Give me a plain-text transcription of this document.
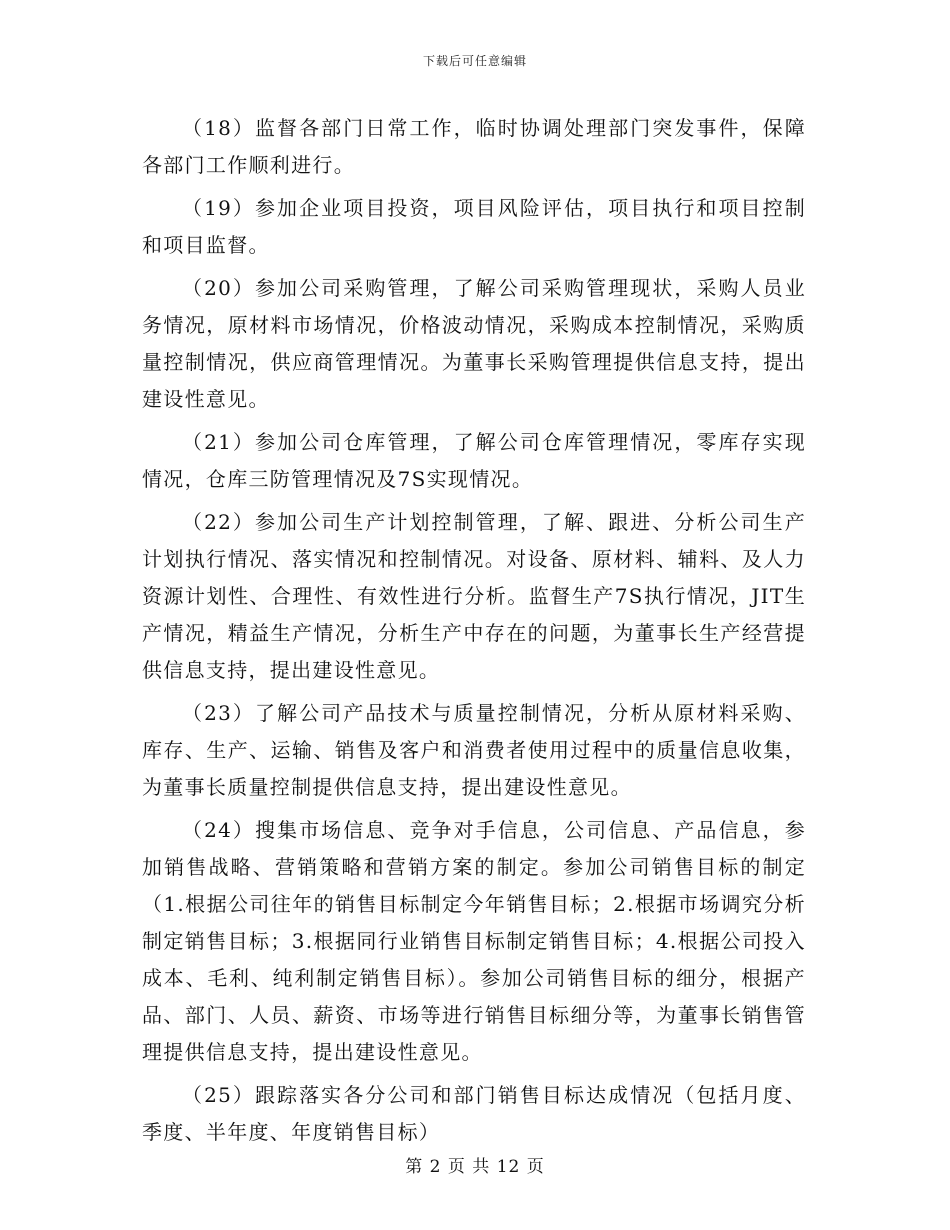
下载后可任意编辑

（18）监督各部门日常工作，临时协调处理部门突发事件，保障各部门工作顺利进行。

（19）参加企业项目投资，项目风险评估，项目执行和项目控制和项目监督。

（20）参加公司采购管理，了解公司采购管理现状，采购人员业务情况，原材料市场情况，价格波动情况，采购成本控制情况，采购质量控制情况，供应商管理情况。为董事长采购管理提供信息支持，提出建设性意见。

（21）参加公司仓库管理，了解公司仓库管理情况，零库存实现情况，仓库三防管理情况及7S实现情况。

（22）参加公司生产计划控制管理，了解、跟进、分析公司生产计划执行情况、落实情况和控制情况。对设备、原材料、辅料、及人力资源计划性、合理性、有效性进行分析。监督生产7S执行情况，JIT生产情况，精益生产情况，分析生产中存在的问题，为董事长生产经营提供信息支持，提出建设性意见。

（23）了解公司产品技术与质量控制情况，分析从原材料采购、库存、生产、运输、销售及客户和消费者使用过程中的质量信息收集，为董事长质量控制提供信息支持，提出建设性意见。

（24）搜集市场信息、竞争对手信息，公司信息、产品信息，参加销售战略、营销策略和营销方案的制定。参加公司销售目标的制定（1.根据公司往年的销售目标制定今年销售目标；2.根据市场调究分析制定销售目标；3.根据同行业销售目标制定销售目标；4.根据公司投入成本、毛利、纯利制定销售目标）。参加公司销售目标的细分，根据产品、部门、人员、薪资、市场等进行销售目标细分等，为董事长销售管理提供信息支持，提出建设性意见。

（25）跟踪落实各分公司和部门销售目标达成情况（包括月度、季度、半年度、年度销售目标）

第 2 页 共 12 页
